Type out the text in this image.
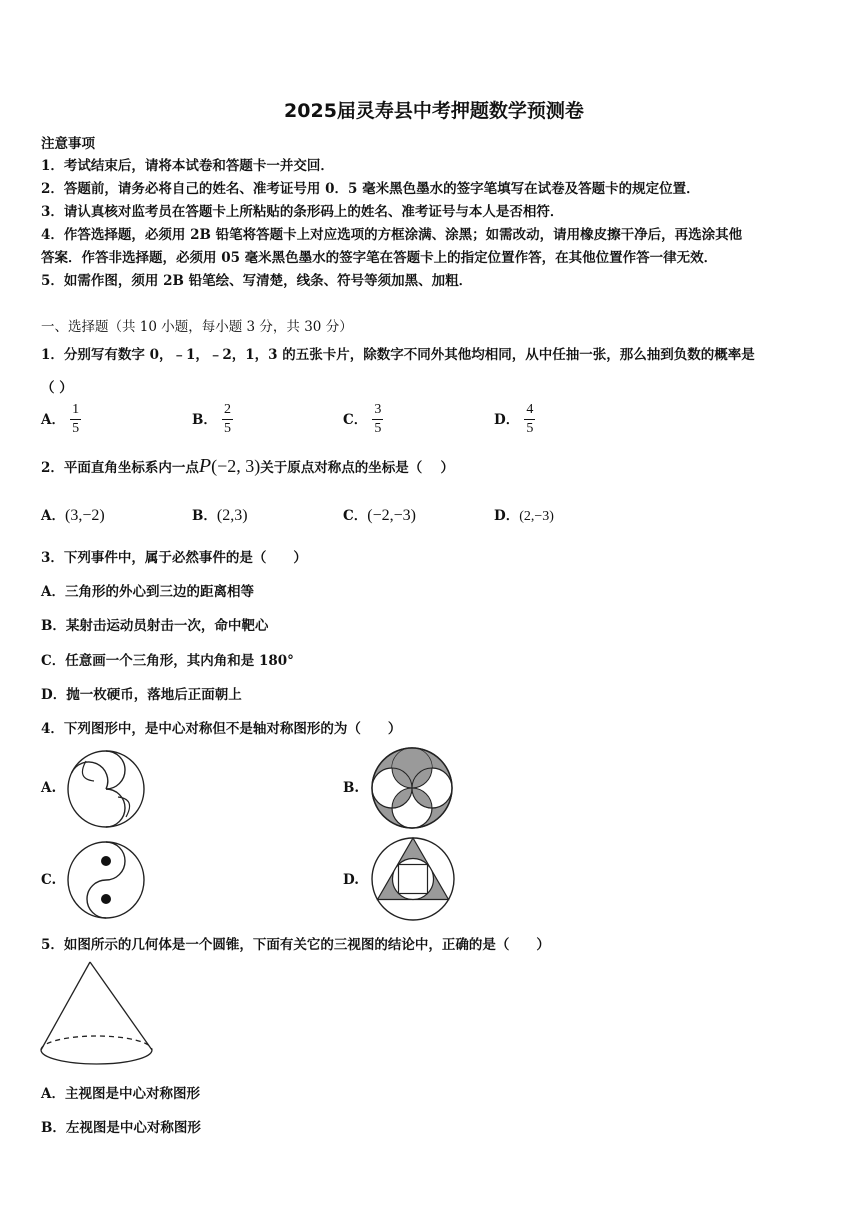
2025届灵寿县中考押题数学预测卷
注意事项
1．考试结束后，请将本试卷和答题卡一并交回．
2．答题前，请务必将自己的姓名、准考证号用 0．5 毫米黑色墨水的签字笔填写在试卷及答题卡的规定位置．
3．请认真核对监考员在答题卡上所粘贴的条形码上的姓名、准考证号与本人是否相符．
4．作答选择题，必须用 2B 铅笔将答题卡上对应选项的方框涂满、涂黑；如需改动，请用橡皮擦干净后，再选涂其他
答案．作答非选择题，必须用 05 毫米黑色墨水的签字笔在答题卡上的指定位置作答，在其他位置作答一律无效．
5．如需作图，须用 2B 铅笔绘、写清楚，线条、符号等须加黑、加粗．
一、选择题（共 10 小题，每小题 3 分，共 30 分）
1．分别写有数字 0，﹣1，﹣2，1，3 的五张卡片，除数字不同外其他均相同，从中任抽一张，那么抽到负数的概率是
（ ）
A． $\frac{1}{5}$	B． $\frac{2}{5}$	C． $\frac{3}{5}$	D． $\frac{4}{5}$
2．平面直角坐标系内一点P(−2, 3)关于原点对称点的坐标是（　 ）
A．(3,−2)	B．(2,3)	C．(−2,−3)	D．(2,−3)
3．下列事件中，属于必然事件的是（　　）
A．三角形的外心到三边的距离相等
B．某射击运动员射击一次，命中靶心
C．任意画一个三角形，其内角和是 180°
D．抛一枚硬币，落地后正面朝上
4．下列图形中，是中心对称但不是轴对称图形的为（　　）
A.	B.
C.	D.
5．如图所示的几何体是一个圆锥，下面有关它的三视图的结论中，正确的是（　　）
A．主视图是中心对称图形
B．左视图是中心对称图形
